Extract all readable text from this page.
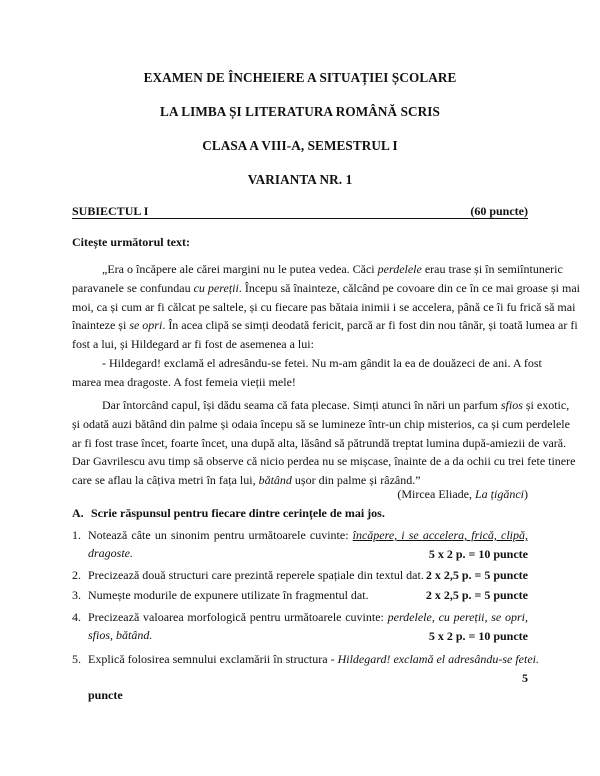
EXAMEN DE ÎNCHEIERE A SITUAȚIEI ȘCOLARE
LA LIMBA ȘI LITERATURA ROMÂNĂ SCRIS
CLASA A VIII-A, SEMESTRUL I
VARIANTA NR. 1
SUBIECTUL I	(60 puncte)
Citește următorul text:
„Era o încăpere ale cărei margini nu le putea vedea. Căci perdelele erau trase și în semiîntuneric
paravanele se confundau cu pereții. Începu să înainteze, călcând pe covoare din ce în ce mai groase și mai
moi, ca și cum ar fi călcat pe saltele, și cu fiecare pas bătaia inimii i se accelera, până ce îi fu frică să mai
înainteze și se opri. În acea clipă se simți deodată fericit, parcă ar fi fost din nou tânăr, și toată lumea ar fi
fost a lui, și Hildegard ar fi fost de asemenea a lui:
- Hildegard! exclamă el adresându-se fetei. Nu m-am gândit la ea de douăzeci de ani. A fost
marea mea dragoste. A fost femeia vieții mele!
Dar întorcând capul, își dădu seama că fata plecase. Simți atunci în nări un parfum sfios și exotic,
și odată auzi bătând din palme și odaia începu să se lumineze într-un chip misterios, ca și cum perdelele
ar fi fost trase încet, foarte încet, una după alta, lăsând să pătrundă treptat lumina după-amiezii de vară.
Dar Gavrilescu avu timp să observe că nicio perdea nu se mișcase, înainte de a da ochii cu trei fete tinere
care se aflau la câțiva metri în fața lui, bătând ușor din palme și râzând.”
(Mircea Eliade, La țigănci)
A. Scrie răspunsul pentru fiecare dintre cerințele de mai jos.
1. Notează câte un sinonim pentru următoarele cuvinte: încăpere, i se accelera, frică, clipă,
dragoste.	5 x 2 p. = 10 puncte
2. Precizează două structuri care prezintă reperele spațiale din textul dat. 2 x 2,5 p. = 5 puncte
3. Numește modurile de expunere utilizate în fragmentul dat.	2 x 2,5 p. = 5 puncte
4. Precizează valoarea morfologică pentru următoarele cuvinte: perdelele, cu pereții, se opri,
sfios, bătând.	5 x 2 p. = 10 puncte
5. Explică folosirea semnului exclamării în structura - Hildegard! exclamă el adresându-se fetei.
5
puncte
